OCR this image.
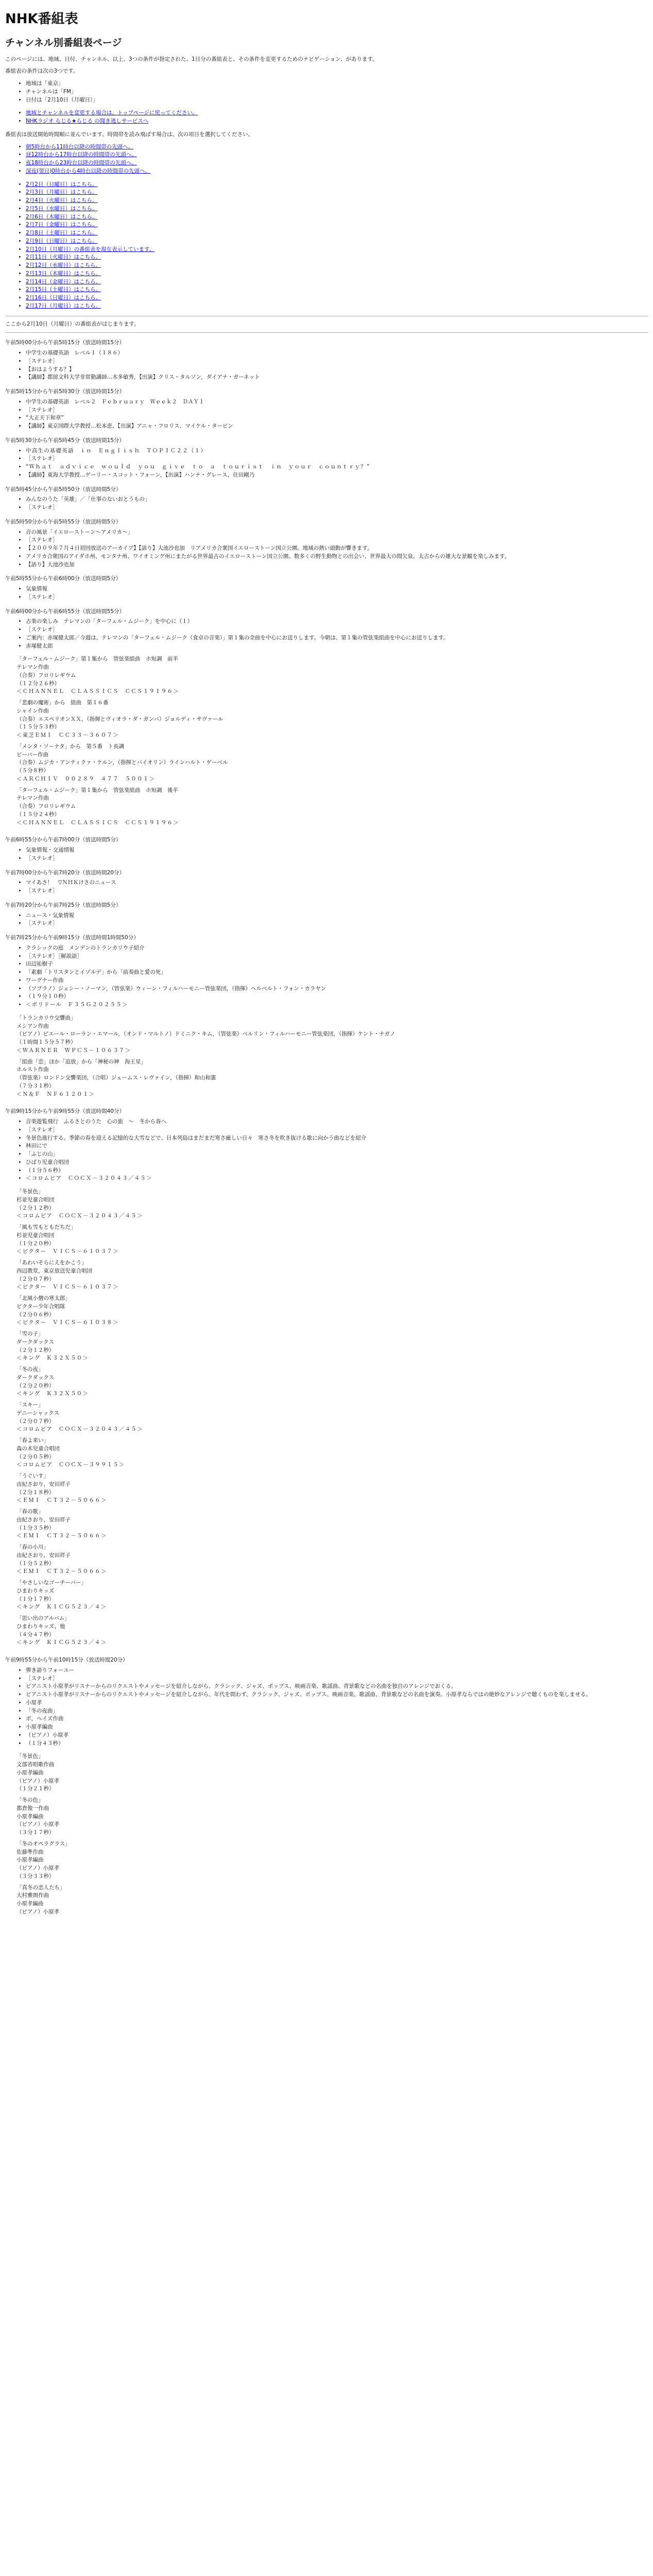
NHK番組表
チャンネル別番組表ページ

このページには、地域、日付、チャンネル、以上、3つの条件が指定された、1日分の番組表と、その条件を変更するためのナビゲーション、があります。

番組表の条件は次の3つです。

• 地域は「東京」
• チャンネルは「FM」
• 日付は「2月10日（月曜日）」
• 地域とチャンネルを変更する場合は、トップページに戻ってください。
• NHKラジオ らじる★らじる の聞き逃しサービスへ

番組表は放送開始時間順に並んでいます。時間帯を読み飛ばす場合は、次の項目を選択してください。

• 朝5時台から11時台以降の時間帯の先頭へ。
• 昼12時台から17時台以降の時間帯の先頭へ。
• 夜18時台から23時台以降の時間帯の先頭へ。
• 深夜(翌日)0時台から4時台以降の時間帯の先頭へ。
• 2月2日（日曜日）はこちら。
• 2月3日（月曜日）はこちら。
• 2月4日（火曜日）はこちら。
• 2月5日（水曜日）はこちら。
• 2月6日（木曜日）はこちら。
• 2月7日（金曜日）はこちら。
• 2月8日（土曜日）はこちら。
• 2月9日（日曜日）はこちら。
• 2月10日（月曜日）の番組表を現在表示しています。
• 2月11日（火曜日）はこちら。
• 2月12日（水曜日）はこちら。
• 2月13日（木曜日）はこちら。
• 2月14日（金曜日）はこちら。
• 2月15日（土曜日）はこちら。
• 2月16日（日曜日）はこちら。
• 2月17日（月曜日）はこちら。

ここから2月10日（月曜日）の番組表がはじまります。

午前5時00分から午前5時15分（放送時間15分）
• 中学生の基礎英語　レベル１（１８６）
• ［ステレオ］
• 【おはようする？】
• 【講師】都留文科大学非常勤講師…木多敏秀，【出演】クリス・タルソン，ダイアナ・ガーネット
午前5時15分から午前5時30分（放送時間15分）
• 中学生の基礎英語　レベル２　Ｆｅｂｒｕａｒｙ　Ｗｅｅｋ２　ＤＡＹ１
• ［ステレオ］
• “大正天下和章”
• 【講師】東京国際大学教授…松本恵，【出演】アニャ・フロリス，マイケル・ターピン
午前5時30分から午前5時45分（放送時間15分）
• 中高生の基礎英語　ｉｎ　Ｅｎｇｌｉｓｈ　ＴＯＰＩＣ２２（１）
• ［ステレオ］
• “Ｗｈａｔ　ａｄｖｉｃｅ　ｗｏｕｌｄ　ｙｏｕ　ｇｉｖｅ　ｔｏ　ａ　ｔｏｕｒｉｓｔ　ｉｎ　ｙｏｕｒ　ｃｏｕｎｔｒｙ？”
• 【講師】東海大学教授…ゲーリー・スコット・フォーン，【出演】ハンナ・グレース，住田剛乃
午前5時45分から午前5時50分（放送時間5分）
• みんなのうた「英雄」／「仕事のないおとうもの」
• ［ステレオ］
午前5時50分から午前5時55分（放送時間5分）
• 音の風景「イエローストーン〜アメリカ〜」
• ［ステレオ］
• 【２００９年７月４日初回放送のアーカイブ】【語り】大池沙也加　リアメリカ合衆国イエローストーン国立公園。地域の熱い頭動が響きます。
• アメリカ合衆国のアイダホ州、モンタナ州、ワイオミング州にまたがる世界最古のイエローストーン国立公園。数多くの野生動物との出会い、世界最大の間欠泉。太古からの雄大な景観を楽しみます。
• 【語り】大池沙也加
午前5時55分から午前6時00分（放送時間5分）
• 気象情報
• ［ステレオ］
午前6時00分から午前6時55分（放送時間55分）
• 古楽の楽しみ　テレマンの「ターフェル・ムジーク」を中心に（１）
• ［ステレオ］
• ご案内：赤塚健太郎／今週は、テレマンの「ターフェル・ムジーク（食卓の音楽）」第１集の全曲を中心にお送りします。今朝は、第１集の管弦楽組曲を中心にお送りします。
• 赤塚健太郎
「ターフェル・ムジーク」第１集から　管弦楽組曲　ホ短調　前半
テレマン作曲
（合奏）フロリレギウム
（１２分２６秒）
＜ＣＨＡＮＮＥＬ　ＣＬＡＳＳＩＣＳ　ＣＣＳ１９１９６＞
「悲劇の魔術」から　組曲　第１６番
シャイン作曲
（合奏）エスペリオンＸＸ，（指揮とヴィオラ・ダ・ガンバ）ジョルディ・サヴァール
（１５分５３秒）
＜東芝ＥＭＩ　ＣＣ３３－３６０７＞
「メンタ・ソーナタ」から　第５番　ト長調
ビーバー作曲
（合奏）ムジカ・アンティクァ・ケルン，（指揮とバイオリン）ラインハルト・ゲーベル
（５分８秒）
＜ＡＲＣＨＩＶ　００２８９　４７７　５００１＞
「ターフェル・ムジーク」第１集から　管弦楽組曲　ホ短調　後半
テレマン作曲
（合奏）フロリレギウム
（１５分２４秒）
＜ＣＨＡＮＮＥＬ　ＣＬＡＳＳＩＣＳ　ＣＣＳ１９１９６＞
午前6時55分から午前7時00分（放送時間5分）
• 気象情報・交通情報
• ［ステレオ］
午前7時00分から午前7時20分（放送時間20分）
• マイあさ！　▽ＮＨＫけさのニュース
• ［ステレオ］
午前7時20分から午前7時25分（放送時間5分）
• ニュース・気象情報
• ［ステレオ］
午前7時25分から午前9時15分（放送時間1時間50分）
• クラシックの庭　メンデンのトランカリウ子紹介
• ［ステレオ］［解説語］
• 田辺祐樹子
• 「素劇「トリスタンとイゾルデ」から「前奏曲と愛の死」
• ワーグナー作曲
• （ソプラノ）ジェシー・ノーマン，（管弦楽）ウィーン・フィルハーモニー管弦楽団，（指揮）ヘルベルト・フォン・カラヤン
• （１９分１０秒）
• ＜ポリドール　Ｆ３５Ｇ２０２５５＞
「トランカリウ交響曲」
メシアン作曲
（ピアノ）ピエール・ローラン・エマール，（オンド・マルトノ）ドミニク・キム，（管弦楽）ベルリン・フィルハーモニー管弦楽団，（指揮）ケント・ナガノ
（１時間１５分５７秒）
＜ＷＡＲＮＥＲ　ＷＰＣＳ－１０６３７＞
「組曲「恋」ほか「追放」から「神秘の神　海王星」
ホルスト作曲
（管弦楽）ロンドン交響楽団，（合唱）ジェームス・レヴァイン，（指揮）和山和憲
（７分３１秒）
＜Ｎ＆Ｆ　ＮＦ６１２０１＞
午前9時15分から午前9時55分（放送時間40分）
• 音楽遊覧飛行　ふるさとのうた　心の旅　～　冬から春へ
• ［ステレオ］
• 冬景色進行する。季節の春を迎える記憶的な大雪などで、日本列島はまだまだ寒さ厳しい日々　寒さ冬を吹き抜ける歌に向かう曲などを紹介
• 林田にで
• 「ふじの山」
• ひばり児童合唱団
• （１分５６秒）
• ＜コロムビア　ＣＯＣＸ－３２０４３／４５＞
「冬景色」
杉並児童合唱団
（２分１２秒）
＜コロムビア　ＣＯＣＸ－３２０４３／４５＞
「風も雪もともだちだ」
杉並児童合唱団
（１分２０秒）
＜ビクター　ＶＩＣＳ－６１０３７＞
「あわいそらにえをかこう」
西辺教堂，東京放送児童合唱団
（２分０７秒）
＜ビクター　ＶＩＣＳ－６１０３７＞
「北風小僧の寒太郎」
ビクター少年合唱隊
（２分０６秒）
＜ビクター　ＶＩＣＳ－６１０３８＞
「雪の子」
ダークダックス
（２分１２秒）
＜キング　Ｋ３２Ｘ５０＞
「冬の夜」
ダークダックス
（２分２０秒）
＜キング　Ｋ３２Ｘ５０＞
「スキー」
デニーシャックス
（２分０７秒）
＜コロムビア　ＣＯＣＸ－３２０４３／４５＞
「春よ来い」
森の木児童合唱団
（２分０５秒）
＜コロムビア　ＣＯＣＸ－３９９１５＞
「うぐいす」
由紀さおり，安田祥子
（２分１８秒）
＜ＥＭＩ　ＣＴ３２－５０６６＞
「春の歌」
由紀さおり，安田祥子
（１分３５秒）
＜ＥＭＩ　ＣＴ３２－５０６６＞
「春の小川」
由紀さおり，安田祥子
（１分５２秒）
＜ＥＭＩ　ＣＴ３２－５０６６＞
「やさしいなゴーチーバー」
ひまわりキッズ
（１分１７秒）
＜キング　ＫＩＣＧ５２３／４＞
「思い出のアルバム」
ひまわりキッズ，他
（４分４７秒）
＜キング　ＫＩＣＧ５２３／４＞
午前9時55分から午前10時15分（放送時間20分）
• 弾き語りフォーユー
• ［ステレオ］
• ピアニスト小原孝がリスナーからのリクエストやメッセージを紹介しながら、クラシック、ジャズ、ポップス、映画音楽、歌謡曲、背景歌などの名曲を独自のアレンジでおくる。
• ピアニスト小原孝がリスナーからのリクエストやメッセージを紹介しながら、年代を問わず、クラシック、ジャズ、ポップス、映画音楽、歌謡曲、背景歌などの名曲を演奏。小原孝ならではの絶妙なアレンジで聴くものを楽しませる。
• 小原孝
• 「冬の夜曲」
• ボ，ヘイズ作曲
• 小原孝編曲
• （ピアノ）小原孝
• （１分４３秒）
「冬景色」
文部省唱歌作曲
小原孝編曲
（ピアノ）小原孝
（１分２１秒）
「冬の色」
都倉俊一作曲
小原孝編曲
（ピアノ）小原孝
（３分１７秒）
「冬のオペラグラス」
佐藤準作曲
小原孝編曲
（ピアノ）小原孝
（３分３３秒）
「真冬の恋人たち」
大村雅朗作曲
小原孝編曲
（ピアノ）小原孝
